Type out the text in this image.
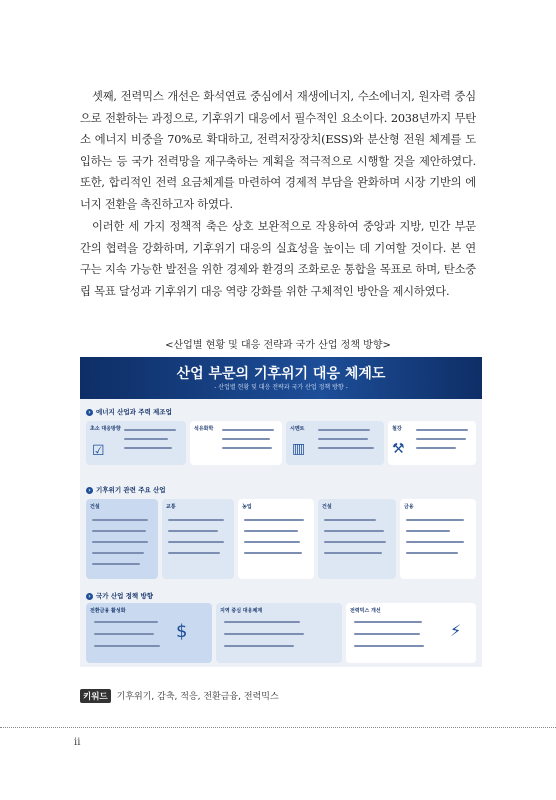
셋째, 전력믹스 개선은 화석연료 중심에서 재생에너지, 수소에너지, 원자력 중심으로 전환하는 과정으로, 기후위기 대응에서 필수적인 요소이다. 2038년까지 무탄소 에너지 비중을 70%로 확대하고, 전력저장장치(ESS)와 분산형 전원 체계를 도입하는 등 국가 전력망을 재구축하는 계획을 적극적으로 시행할 것을 제안하였다. 또한, 합리적인 전력 요금체계를 마련하여 경제적 부담을 완화하며 시장 기반의 에너지 전환을 촉진하고자 하였다.

이러한 세 가지 정책적 축은 상호 보완적으로 작용하여 중앙과 지방, 민간 부문 간의 협력을 강화하며, 기후위기 대응의 실효성을 높이는 데 기여할 것이다. 본 연구는 지속 가능한 발전을 위한 경제와 환경의 조화로운 통합을 목표로 하며, 탄소중립 목표 달성과 기후위기 대응 역량 강화를 위한 구체적인 방안을 제시하였다.

<산업별 현황 및 대응 전략과 국가 산업 정책 방향>
산업 부문의 기후위기 대응 체계도
- 산업별 현황 및 대응 전략과 국가 산업 정책 방향 -
› 에너지 산업과 주력 제조업
초소 대응방향
☑
석유화학	시멘트
▥
철강
⚒
› 기후위기 관련 주요 산업
건설	교통	농업	건설	금융
› 국가 산업 정책 방향
전환금융 활성화
$
지역 중심 대응체계	전력믹스 개선
⚡
키워드 기후위기, 감축, 적응, 전환금융, 전력믹스
ii
